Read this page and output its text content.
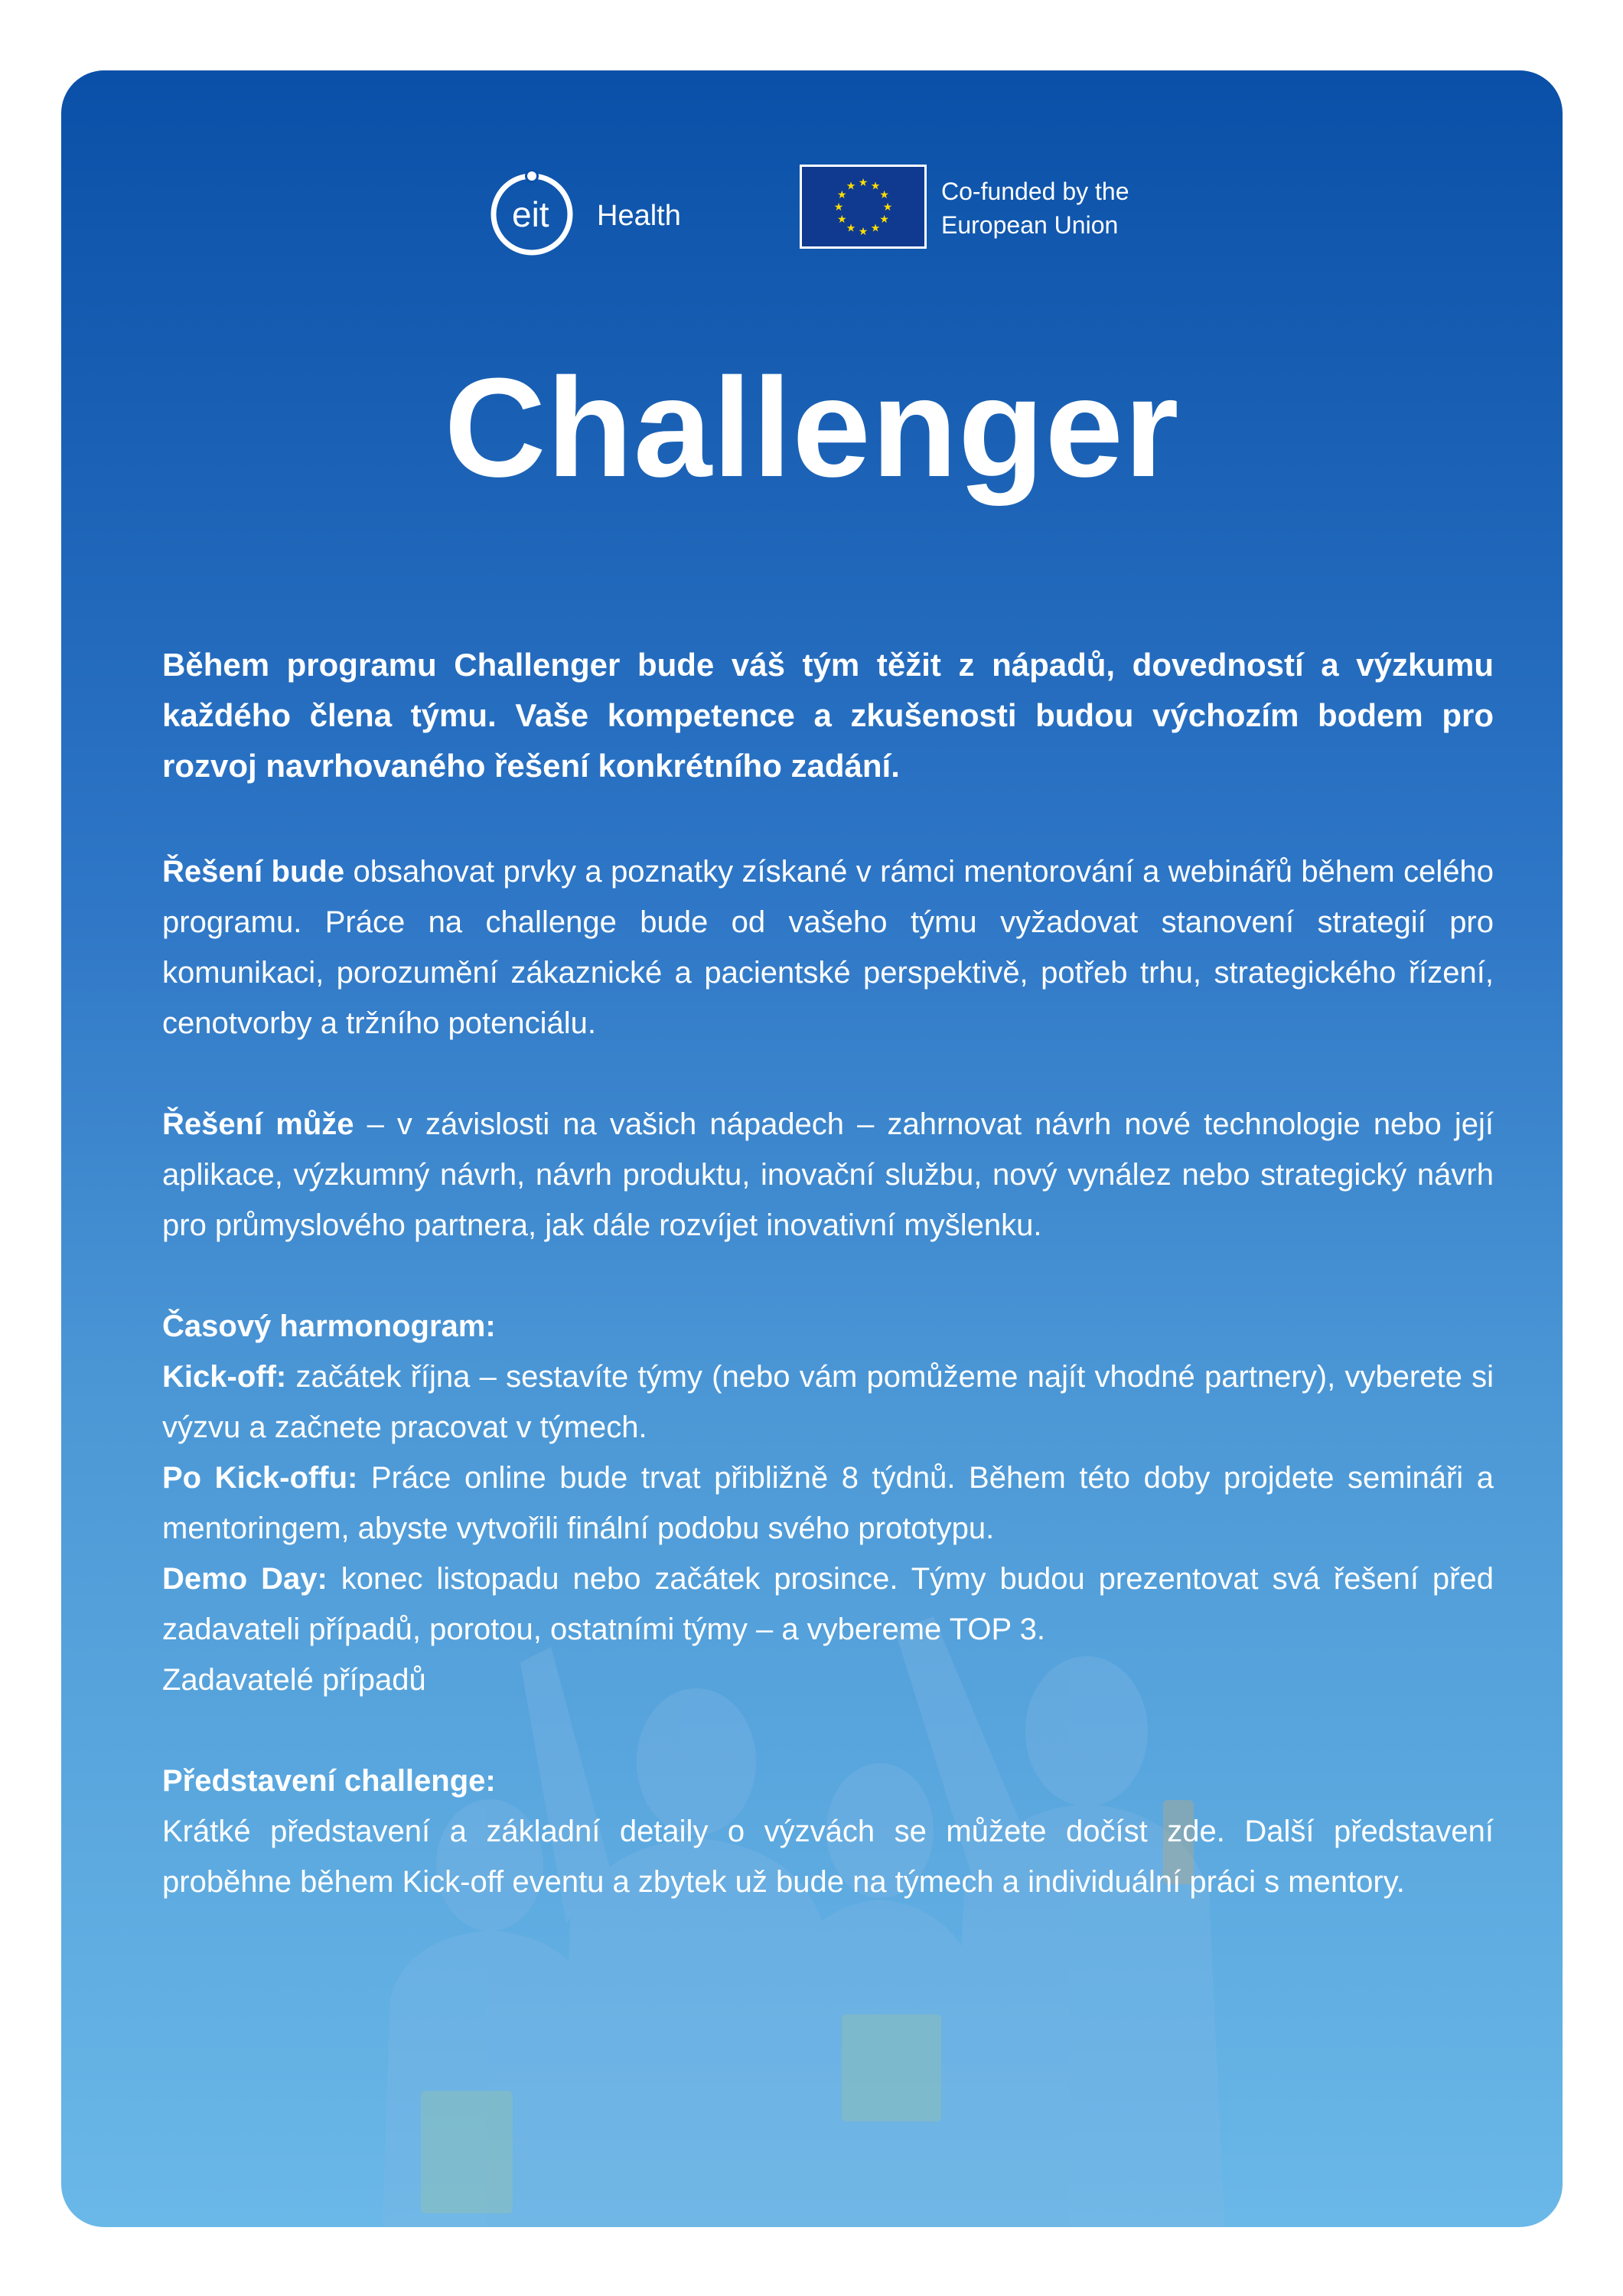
eit Health
★ ★
★
★
★
★
★
★
★
★
★
★	Co-funded by the
European Union
Challenger

Během programu Challenger bude váš tým těžit z nápadů, dovedností a výzkumu každého člena týmu. Vaše kompetence a zkušenosti budou výchozím bodem pro rozvoj navrhovaného řešení konkrétního zadání.

Řešení bude obsahovat prvky a poznatky získané v rámci mentorování a webinářů během celého programu. Práce na challenge bude od vašeho týmu vyžadovat stanovení strategií pro komunikaci, porozumění zákaznické a pacientské perspektivě, potřeb trhu, strategického řízení, cenotvorby a tržního potenciálu.

Řešení může – v závislosti na vašich nápadech – zahrnovat návrh nové technologie nebo její aplikace, výzkumný návrh, návrh produktu, inovační službu, nový vynález nebo strategický návrh pro průmyslového partnera, jak dále rozvíjet inovativní myšlenku.

Časový harmonogram:

Kick-off: začátek října – sestavíte týmy (nebo vám pomůžeme najít vhodné partnery), vyberete si výzvu a začnete pracovat v týmech.

Po Kick-offu: Práce online bude trvat přibližně 8 týdnů. Během této doby projdete semináři a mentoringem, abyste vytvořili finální podobu svého prototypu.

Demo Day: konec listopadu nebo začátek prosince. Týmy budou prezentovat svá řešení před zadavateli případů, porotou, ostatními týmy – a vybereme TOP 3.

Zadavatelé případů

Představení challenge:

Krátké představení a základní detaily o výzvách se můžete dočíst zde. Další představení proběhne během Kick-off eventu a zbytek už bude na týmech a individuální práci s mentory.
